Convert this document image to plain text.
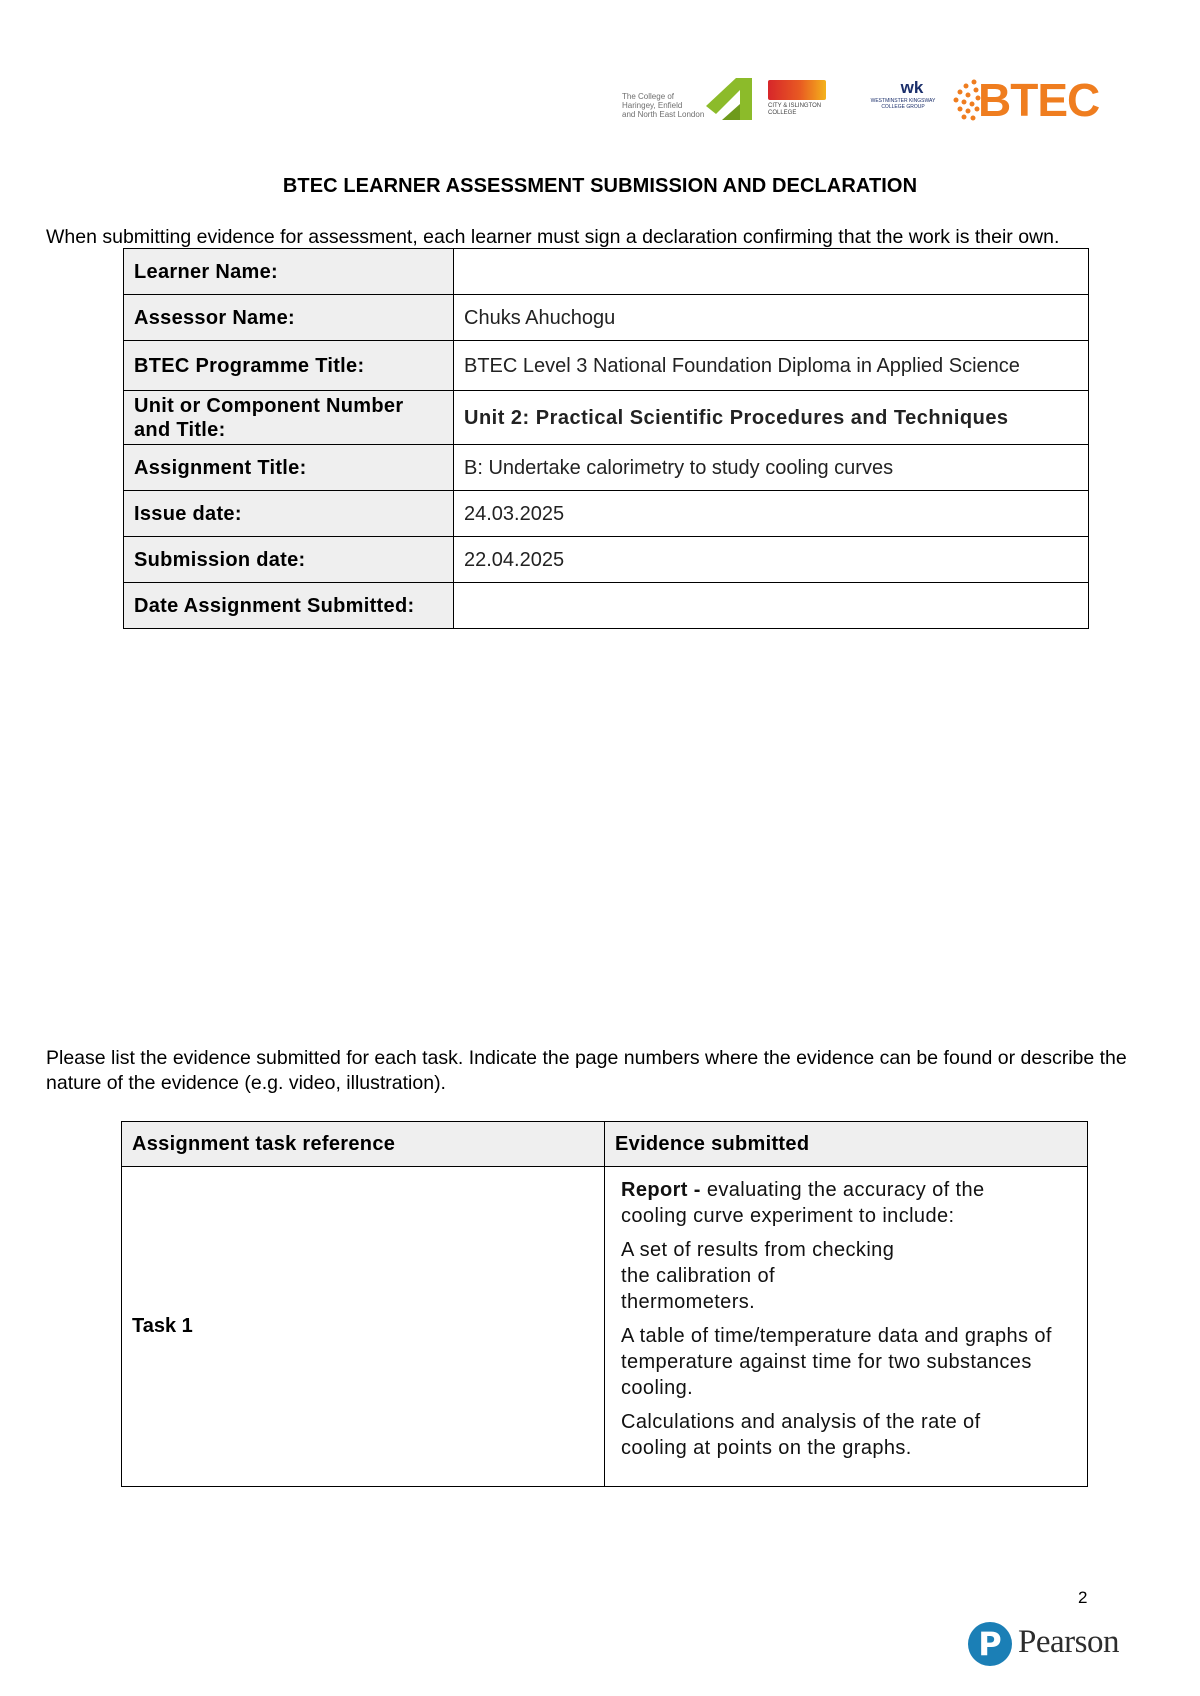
The College of
Haringey, Enfield
and North East London
CITY & ISLINGTON
COLLEGE
wk
WESTMINSTER KINGSWAY
COLLEGE GROUP BTEC
BTEC LEARNER ASSESSMENT SUBMISSION AND DECLARATION

When submitting evidence for assessment, each learner must sign a declaration confirming that the work is their own.

Learner Name:	
Assessor Name:	Chuks Ahuchogu
BTEC Programme Title:	BTEC Level 3 National Foundation Diploma in Applied Science
Unit or Component Number and Title:	Unit 2: Practical Scientific Procedures and Techniques
Assignment Title:	B: Undertake calorimetry to study cooling curves
Issue date:	24.03.2025
Submission date:	22.04.2025
Date Assignment Submitted:	

Please list the evidence submitted for each task. Indicate the page numbers where the evidence can be found or describe the nature of the evidence (e.g. video, illustration).

Assignment task reference	Evidence submitted
Task 1	Report - evaluating the accuracy of the cooling curve experiment to include:

A set of results from checking the calibration of thermometers.

A table of time/temperature data and graphs of temperature against time for two substances cooling.

Calculations and analysis of the rate of cooling at points on the graphs.

2
P Pearson
